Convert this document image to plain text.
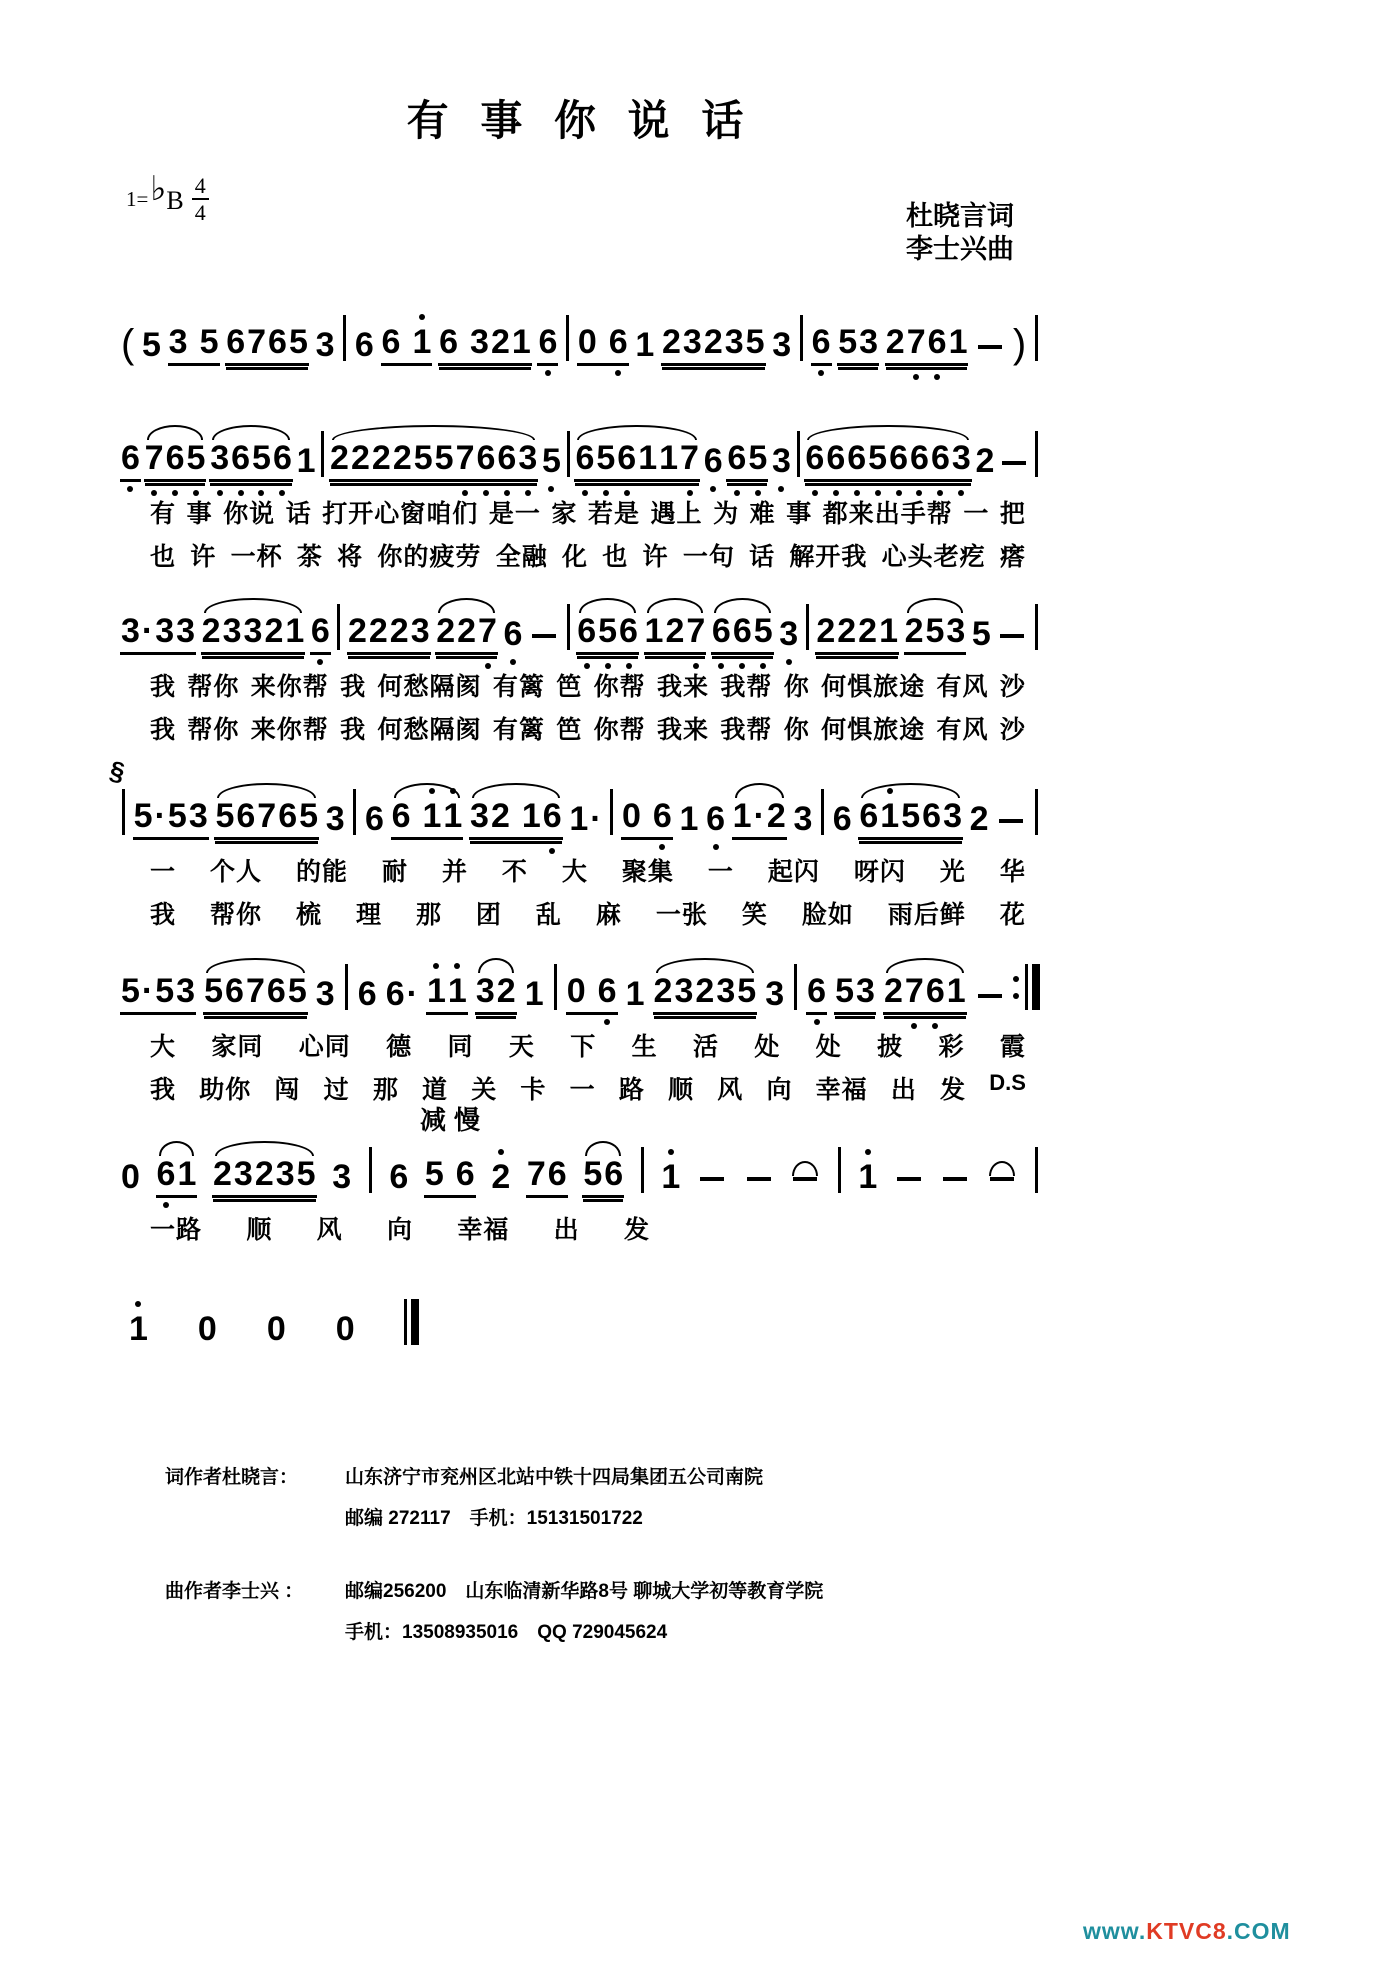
有 事 你 说 话
1= ♭ B $\frac{4}{4}$	杜晓言词
李士兴曲
( 5 3 5 6 7 6 5 3 6 6 1 6 3 2 1 6 0 6 1 2 3 2 3 5 3 6 5 3 2 7 6 1 )
6 7 6 5 3 6 5 6 1 2 2 2 2 5 5 7 6 6 3 5 6 5 6 1 1 7 6 6 5 3 6 6 6 5 6 6 6 3 2
有 事 你说 话 打开心窗咱们 是一 家 若是 遇上 为 难 事 都来出手帮 一 把
也 许 一杯 茶 将 你的疲劳 全融 化 也 许 一句 话 解开我 心头老疙 瘩
3 · 3 3 2 3 3 2 1 6 2 2 2 3 2 2 7 6 6 5 6 1 2 7 6 6 5 3 2 2 2 1 2 5 3 5
我 帮你 来你帮 我 何愁隔阂 有篱 笆 你帮 我来 我帮 你 何惧旅途 有风 沙
我 帮你 来你帮 我 何愁隔阂 有篱 笆 你帮 我来 我帮 你 何惧旅途 有风 沙
§
5 · 5 3 5 6 7 6 5 3 6 6 1 1 3 2 1 6 1 · 0 6 1 6 1 · 2 3 6 6 1 5 6 3 2
一 个人 的能 耐 并 不 大 聚集 一 起闪 呀闪 光 华
我 帮你 梳 理 那 团 乱 麻 一张 笑 脸如 雨后鲜 花
5 · 5 3 5 6 7 6 5 3 6 6 · 1 1 3 2 1 0 6 1 2 3 2 3 5 3 6 5 3 2 7 6 1
大 家同 心同 德 同 天 下 生 活 处 处 披 彩 霞
我 助你 闯 过 那 道 关 卡 一 路 顺 风 向 幸福 出 发 D.S
减慢
0 6 1 2 3 2 3 5 3 6 5 6 2 7 6 5 6 1	1
一路 顺 风 向 幸福 出 发
1 0 0 0
词作者杜晓言：	山东济宁市兖州区北站中铁十四局集团五公司南院
邮编 272117　手机：15131501722
曲作者李士兴 ：	邮编256200　山东临清新华路8号 聊城大学初等教育学院
手机：13508935016　QQ 729045624
www.KTVC8.COM
